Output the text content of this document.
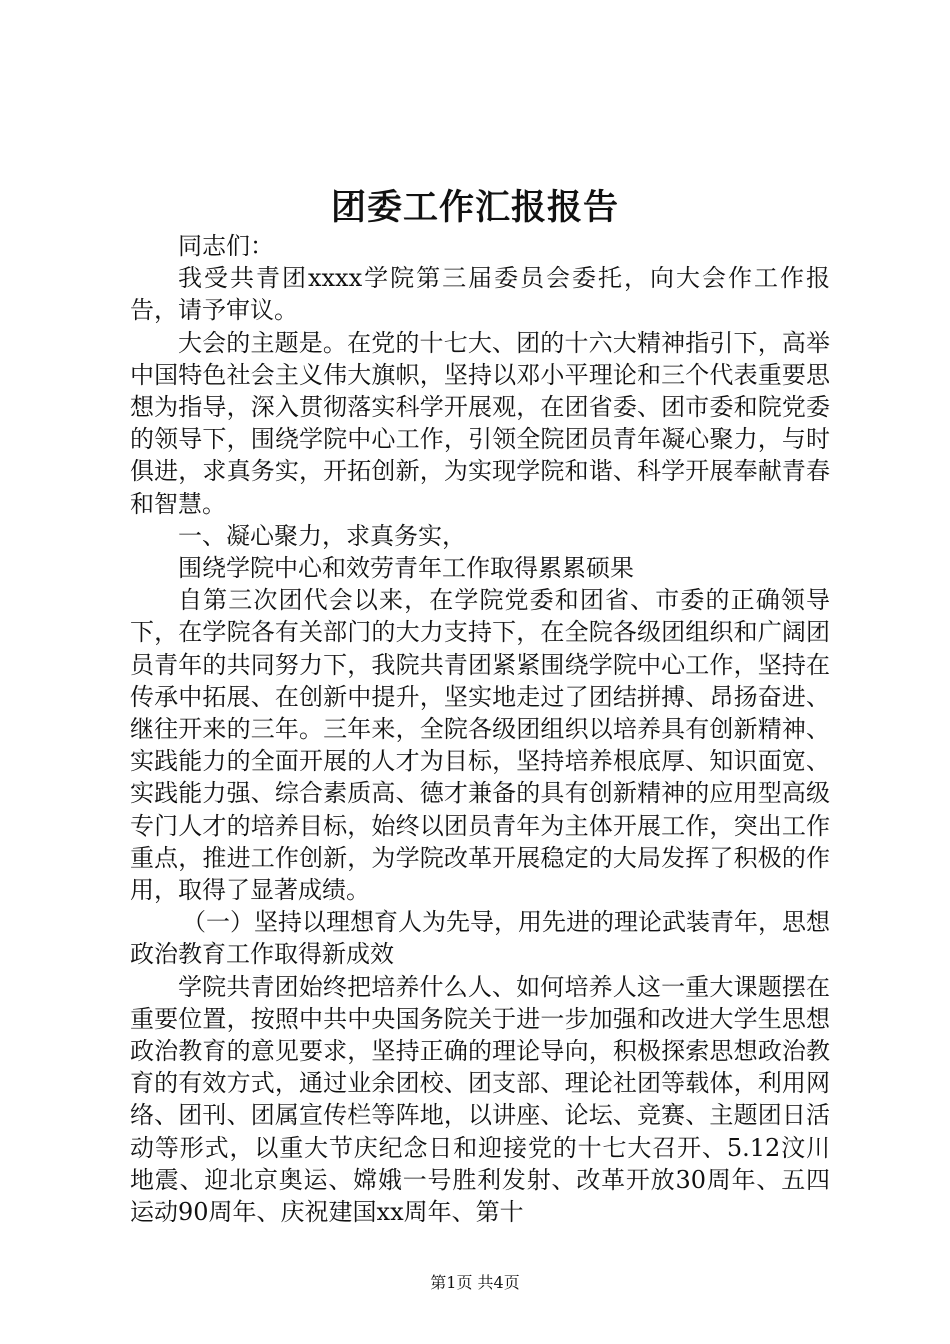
团委工作汇报报告

同志们：

我受共青团xxxx学院第三届委员会委托，向大会作工作报告，请予审议。

大会的主题是。在党的十七大、团的十六大精神指引下，高举中国特色社会主义伟大旗帜，坚持以邓小平理论和三个代表重要思想为指导，深入贯彻落实科学开展观，在团省委、团市委和院党委的领导下，围绕学院中心工作，引领全院团员青年凝心聚力，与时俱进，求真务实，开拓创新，为实现学院和谐、科学开展奉献青春和智慧。

一、凝心聚力，求真务实，

围绕学院中心和效劳青年工作取得累累硕果

自第三次团代会以来，在学院党委和团省、市委的正确领导下，在学院各有关部门的大力支持下，在全院各级团组织和广阔团员青年的共同努力下，我院共青团紧紧围绕学院中心工作，坚持在传承中拓展、在创新中提升，坚实地走过了团结拼搏、昂扬奋进、继往开来的三年。三年来，全院各级团组织以培养具有创新精神、实践能力的全面开展的人才为目标，坚持培养根底厚、知识面宽、实践能力强、综合素质高、德才兼备的具有创新精神的应用型高级专门人才的培养目标，始终以团员青年为主体开展工作，突出工作重点，推进工作创新，为学院改革开展稳定的大局发挥了积极的作用，取得了显著成绩。

（一）坚持以理想育人为先导，用先进的理论武装青年，思想政治教育工作取得新成效

学院共青团始终把培养什么人、如何培养人这一重大课题摆在重要位置，按照中共中央国务院关于进一步加强和改进大学生思想政治教育的意见要求，坚持正确的理论导向，积极探索思想政治教育的有效方式，通过业余团校、团支部、理论社团等载体，利用网络、团刊、团属宣传栏等阵地，以讲座、论坛、竞赛、主题团日活动等形式，以重大节庆纪念日和迎接党的十七大召开、5.12汶川地震、迎北京奥运、嫦娥一号胜利发射、改革开放30周年、五四运动90周年、庆祝建国xx周年、第十

第1页 共4页
